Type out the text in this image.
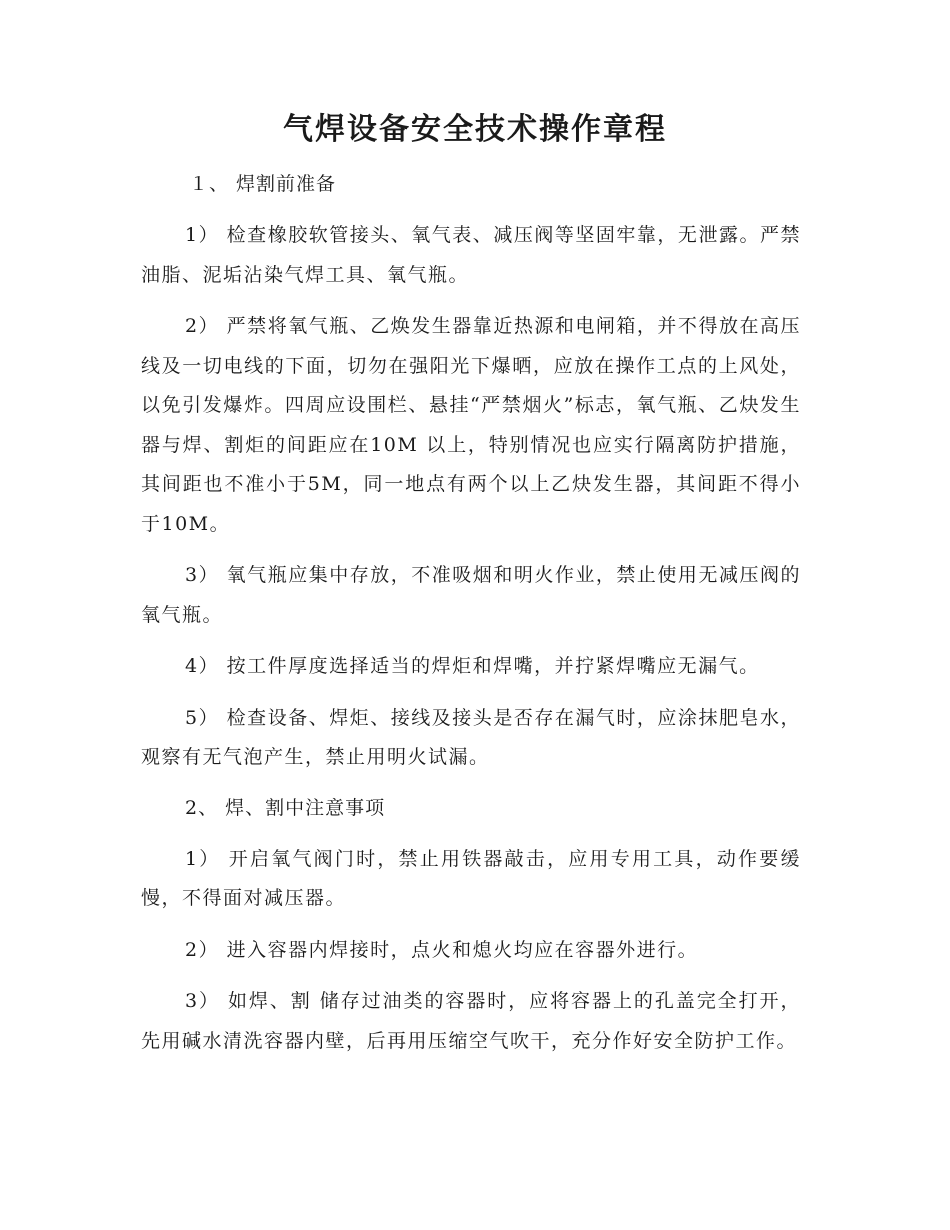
气焊设备安全技术操作章程
１、 焊割前准备

1） 检查橡胶软管接头、氧气表、减压阀等坚固牢靠，无泄露。严禁油脂、泥垢沾染气焊工具、氧气瓶。

2） 严禁将氧气瓶、乙焕发生器靠近热源和电闸箱，并不得放在高压线及一切电线的下面，切勿在强阳光下爆晒，应放在操作工点的上风处，以免引发爆炸。四周应设围栏、悬挂“严禁烟火”标志，氧气瓶、乙炔发生器与焊、割炬的间距应在10M 以上，特别情况也应实行隔离防护措施，其间距也不准小于5M，同一地点有两个以上乙炔发生器，其间距不得小于10M。

3） 氧气瓶应集中存放，不准吸烟和明火作业，禁止使用无减压阀的氧气瓶。

4） 按工件厚度选择适当的焊炬和焊嘴，并拧紧焊嘴应无漏气。

5） 检查设备、焊炬、接线及接头是否存在漏气时，应涂抹肥皂水，观察有无气泡产生，禁止用明火试漏。

2、 焊、割中注意事项

1） 开启氧气阀门时，禁止用铁器敲击，应用专用工具，动作要缓慢，不得面对减压器。

2） 进入容器内焊接时，点火和熄火均应在容器外进行。

3） 如焊、割 储存过油类的容器时，应将容器上的孔盖完全打开，先用碱水清洗容器内壁，后再用压缩空气吹干，充分作好安全防护工作。
